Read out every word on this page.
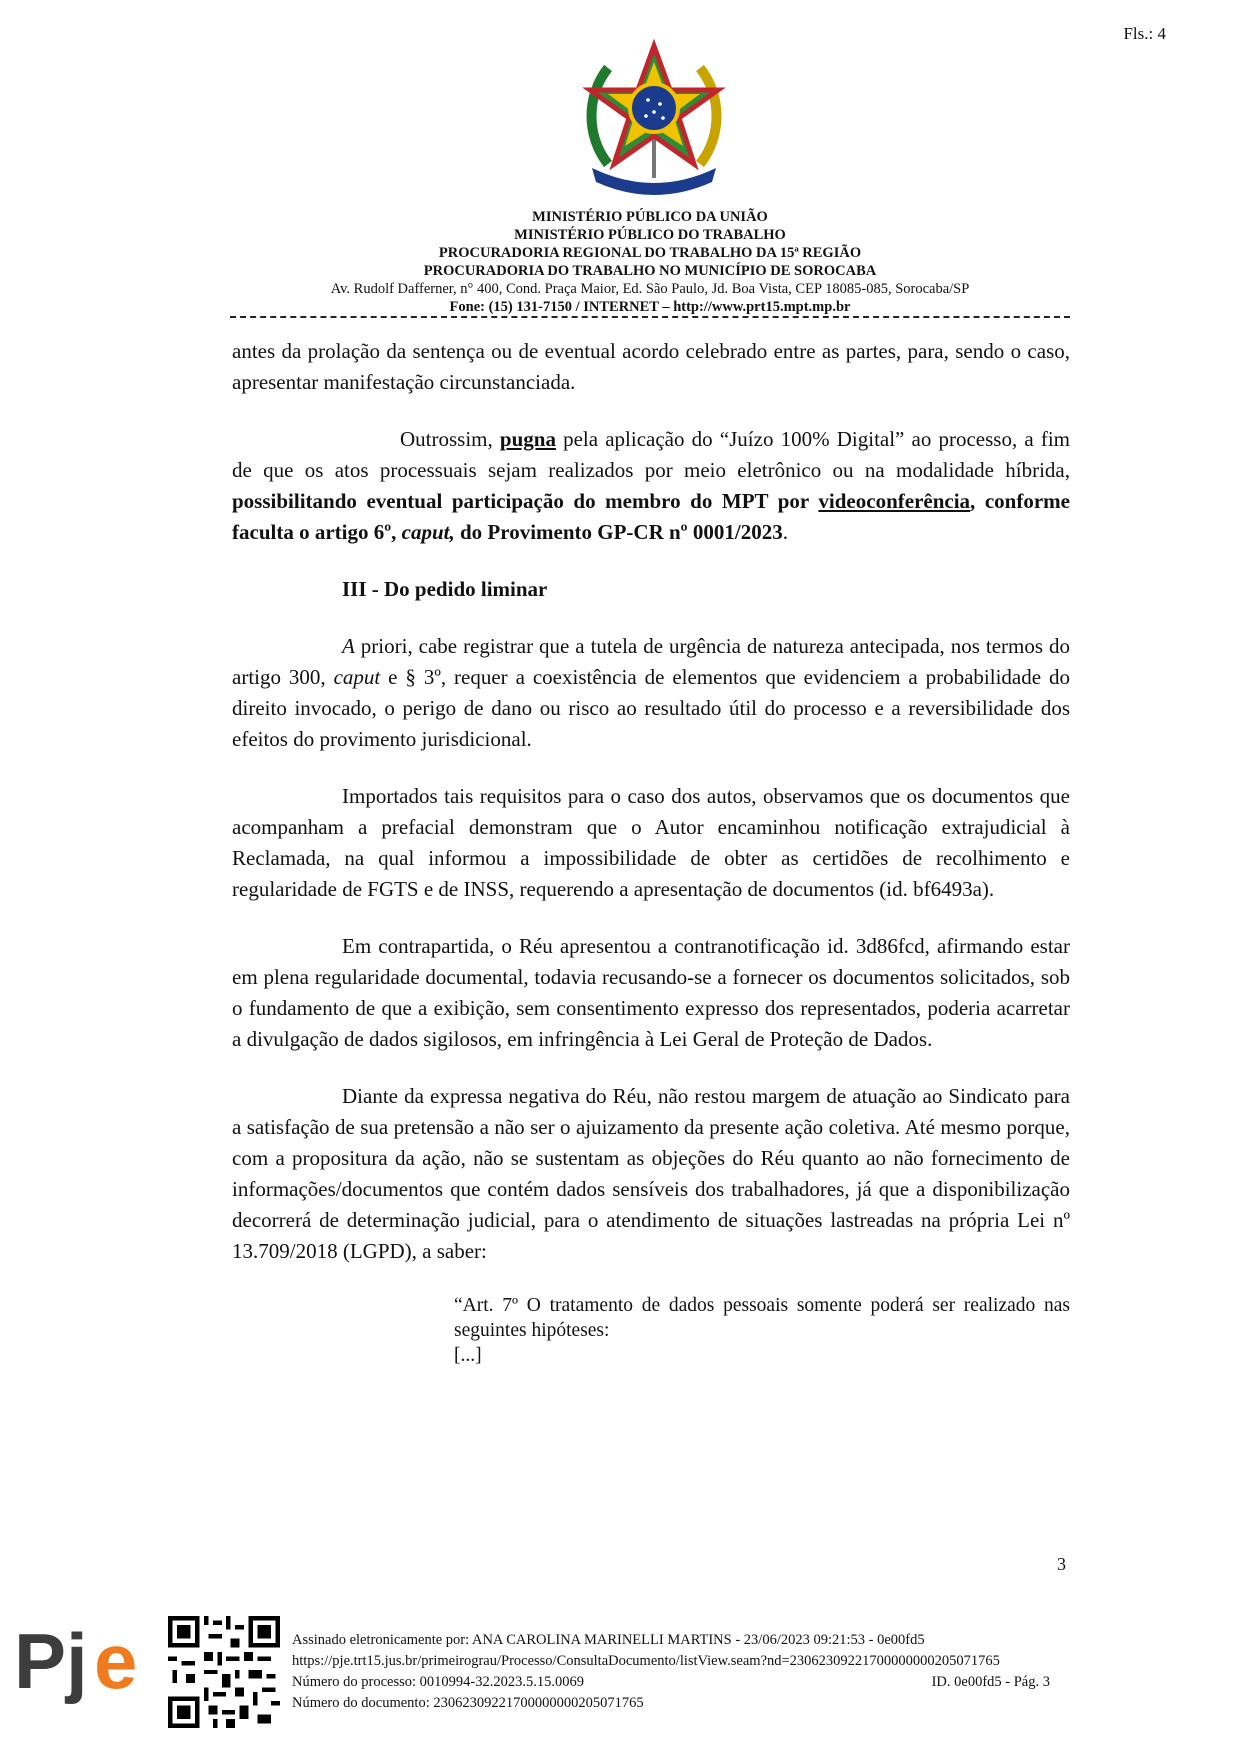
Fls.: 4
MINISTÉRIO PÚBLICO DA UNIÃO
MINISTÉRIO PÚBLICO DO TRABALHO
PROCURADORIA REGIONAL DO TRABALHO DA 15ª REGIÃO
PROCURADORIA DO TRABALHO NO MUNICÍPIO DE SOROCABA
Av. Rudolf Dafferner, n° 400, Cond. Praça Maior, Ed. São Paulo, Jd. Boa Vista, CEP 18085-085, Sorocaba/SP
Fone: (15) 131-7150 / INTERNET – http://www.prt15.mpt.mp.br

antes da prolação da sentença ou de eventual acordo celebrado entre as partes, para, sendo o caso, apresentar manifestação circunstanciada.

Outrossim, pugna pela aplicação do “Juízo 100% Digital” ao processo, a fim de que os atos processuais sejam realizados por meio eletrônico ou na modalidade híbrida, possibilitando eventual participação do membro do MPT por videoconferência, conforme faculta o artigo 6º, caput, do Provimento GP-CR nº 0001/2023.

III - Do pedido liminar

A priori, cabe registrar que a tutela de urgência de natureza antecipada, nos termos do artigo 300, caput e § 3º, requer a coexistência de elementos que evidenciem a probabilidade do direito invocado, o perigo de dano ou risco ao resultado útil do processo e a reversibilidade dos efeitos do provimento jurisdicional.

Importados tais requisitos para o caso dos autos, observamos que os documentos que acompanham a prefacial demonstram que o Autor encaminhou notificação extrajudicial à Reclamada, na qual informou a impossibilidade de obter as certidões de recolhimento e regularidade de FGTS e de INSS, requerendo a apresentação de documentos (id. bf6493a).

Em contrapartida, o Réu apresentou a contranotificação id. 3d86fcd, afirmando estar em plena regularidade documental, todavia recusando-se a fornecer os documentos solicitados, sob o fundamento de que a exibição, sem consentimento expresso dos representados, poderia acarretar a divulgação de dados sigilosos, em infringência à Lei Geral de Proteção de Dados.

Diante da expressa negativa do Réu, não restou margem de atuação ao Sindicato para a satisfação de sua pretensão a não ser o ajuizamento da presente ação coletiva. Até mesmo porque, com a propositura da ação, não se sustentam as objeções do Réu quanto ao não fornecimento de informações/documentos que contém dados sensíveis dos trabalhadores, já que a disponibilização decorrerá de determinação judicial, para o atendimento de situações lastreadas na própria Lei nº 13.709/2018 (LGPD), a saber:

“Art. 7º O tratamento de dados pessoais somente poderá ser realizado nas seguintes hipóteses:
[...]
3
Pj e	Assinado eletronicamente por: ANA CAROLINA MARINELLI MARTINS - 23/06/2023 09:21:53 - 0e00fd5
https://pje.trt15.jus.br/primeirograu/Processo/ConsultaDocumento/listView.seam?nd=23062309221700000000205071765
Número do processo: 0010994-32.2023.5.15.0069	ID. 0e00fd5 - Pág. 3
Número do documento: 23062309221700000000205071765
